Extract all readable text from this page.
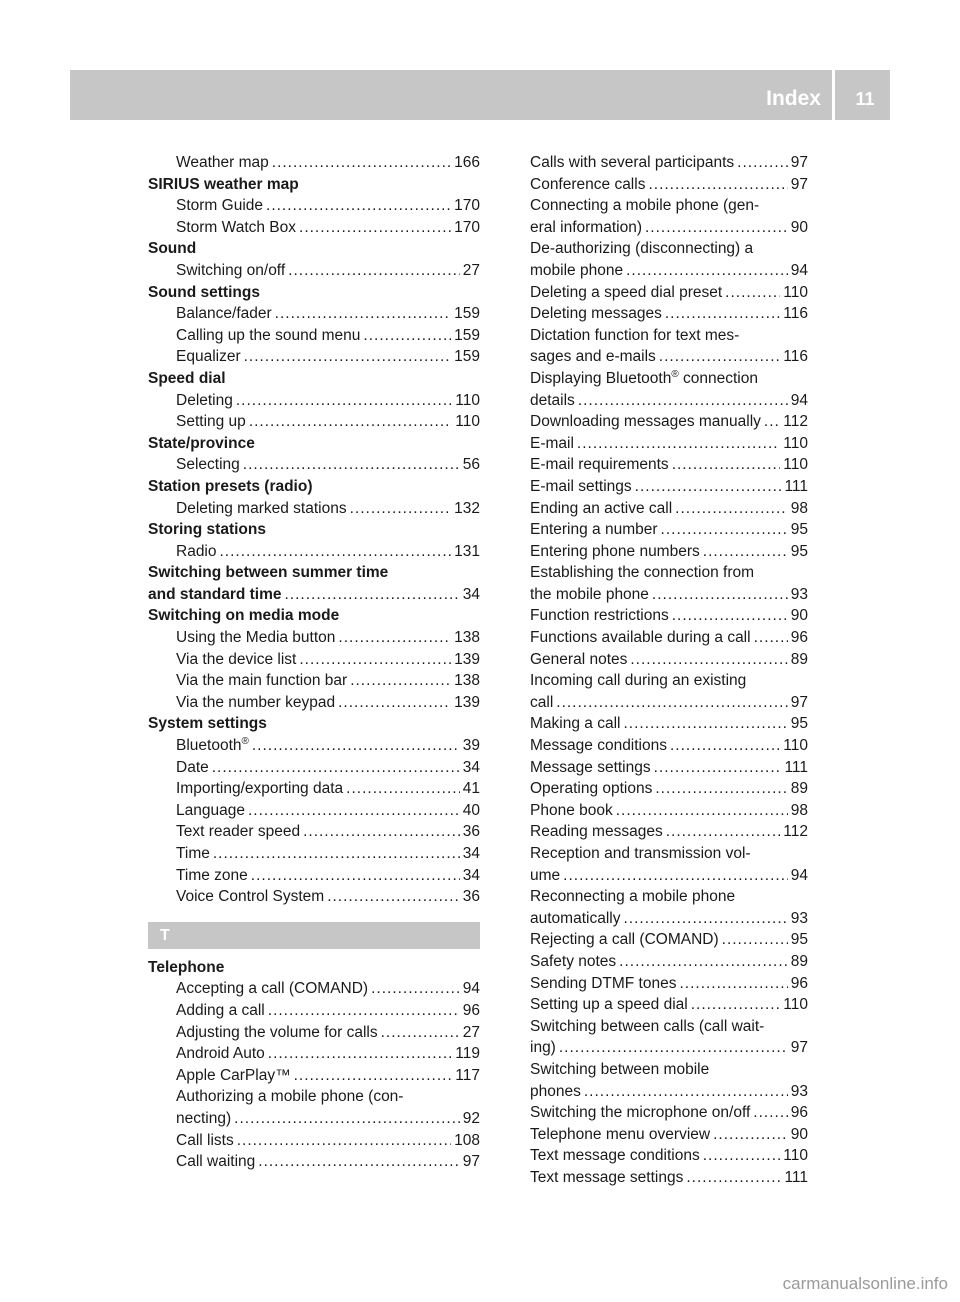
Index	11
Weather map .....	166
SIRIUS weather map
Storm Guide .....	170
Storm Watch Box .....	170
Sound
Switching on/off .....	27
Sound settings
Balance/fader .....	159
Calling up the sound menu .....	159
Equalizer .....	159
Speed dial
Deleting .....	110
Setting up .....	110
State/province
Selecting .....	56
Station presets (radio)
Deleting marked stations .....	132
Storing stations
Radio .....	131
Switching between summer time
and standard time .....	34
Switching on media mode
Using the Media button .....	138
Via the device list .....	139
Via the main function bar .....	138
Via the number keypad .....	139
System settings
Bluetooth® .....	39
Date .....	34
Importing/exporting data .....	41
Language .....	40
Text reader speed .....	36
Time .....	34
Time zone .....	34
Voice Control System .....	36
T
Telephone
Accepting a call (COMAND) .....	94
Adding a call .....	96
Adjusting the volume for calls .....	27
Android Auto .....	119
Apple CarPlay™ .....	117
Authorizing a mobile phone (con-
necting) .....	92
Call lists .....	108
Call waiting .....	97
Calls with several participants .....	97
Conference calls .....	97
Connecting a mobile phone (gen-
eral information) .....	90
De-authorizing (disconnecting) a
mobile phone .....	94
Deleting a speed dial preset .....	110
Deleting messages .....	116
Dictation function for text mes-
sages and e-mails .....	116
Displaying Bluetooth® connection
details .....	94
Downloading messages manually ..... 112
E-mail .....	110
E-mail requirements .....	110
E-mail settings .....	111
Ending an active call .....	98
Entering a number .....	95
Entering phone numbers .....	95
Establishing the connection from
the mobile phone .....	93
Function restrictions .....	90
Functions available during a call .....	96
General notes .....	89
Incoming call during an existing
call .....	97
Making a call .....	95
Message conditions .....	110
Message settings .....	111
Operating options .....	89
Phone book .....	98
Reading messages .....	112
Reception and transmission vol-
ume .....	94
Reconnecting a mobile phone
automatically .....	93
Rejecting a call (COMAND) .....	95
Safety notes .....	89
Sending DTMF tones .....	96
Setting up a speed dial .....	110
Switching between calls (call wait-
ing) .....	97
Switching between mobile
phones .....	93
Switching the microphone on/off .....	96
Telephone menu overview .....	90
Text message conditions .....	110
Text message settings .....	111
carmanualsonline.info
